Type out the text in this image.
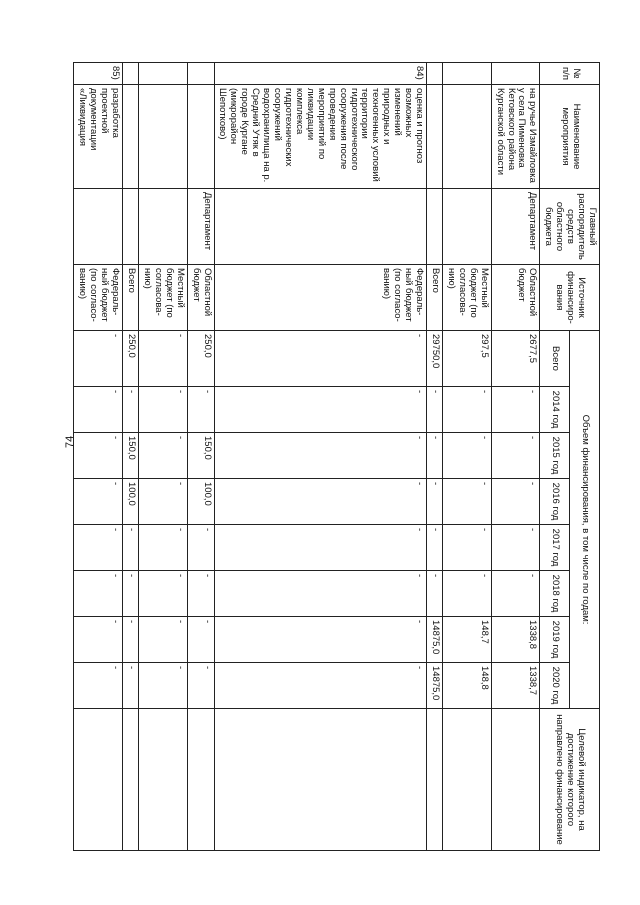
74
№ п/п	Наименование мероприятия	Главный распорядитель средств областного бюджета	Источник финансиро-вания	Объем финансирования, в том числе по годам:								Целевой индикатор, на достижение которого направлено финансирование
				Всего	2014 год	2015 год	2016 год	2017 год	2018 год	2019 год	2020 год	
	на ручье Измайловка у села Пименовка Кетовского района Курганской области	Департамент	Областной бюджет	2677,5	-	-	-	-	-	1338,8	1338,7	
			Местный бюджет (по согласова-нию)	297,5	-	-	-	-	-	148,7	148,8	
			Всего	29750,0	-	-	-	-	-	14875,0	14875,0	
84)	оценка и прогноз возможных изменений природных и техногенных условий территории гидротехнического сооружения после проведения мероприятий по ликвидации комплекса гидротехнических сооружений водохранилища на р. Средний Утяк в городе Кургане (микрорайон Шепотково)		Федераль-ный бюджет (по согласо-ванию)	-	-	-	-	-	-	-	-	
		Департамент	Областной бюджет	250,0	-	150,0	100,0	-	-	-	-	
			Местный бюджет (по согласова-нию)	-	-	-	-	-	-	-	-	
			Всего	250,0	-	150,0	100,0	-	-	-	-	
85)	разработка проектной документации «Ликвидация		Федераль-ный бюджет (по согласо-ванию)	-	-	-	-	-	-	-	-	
